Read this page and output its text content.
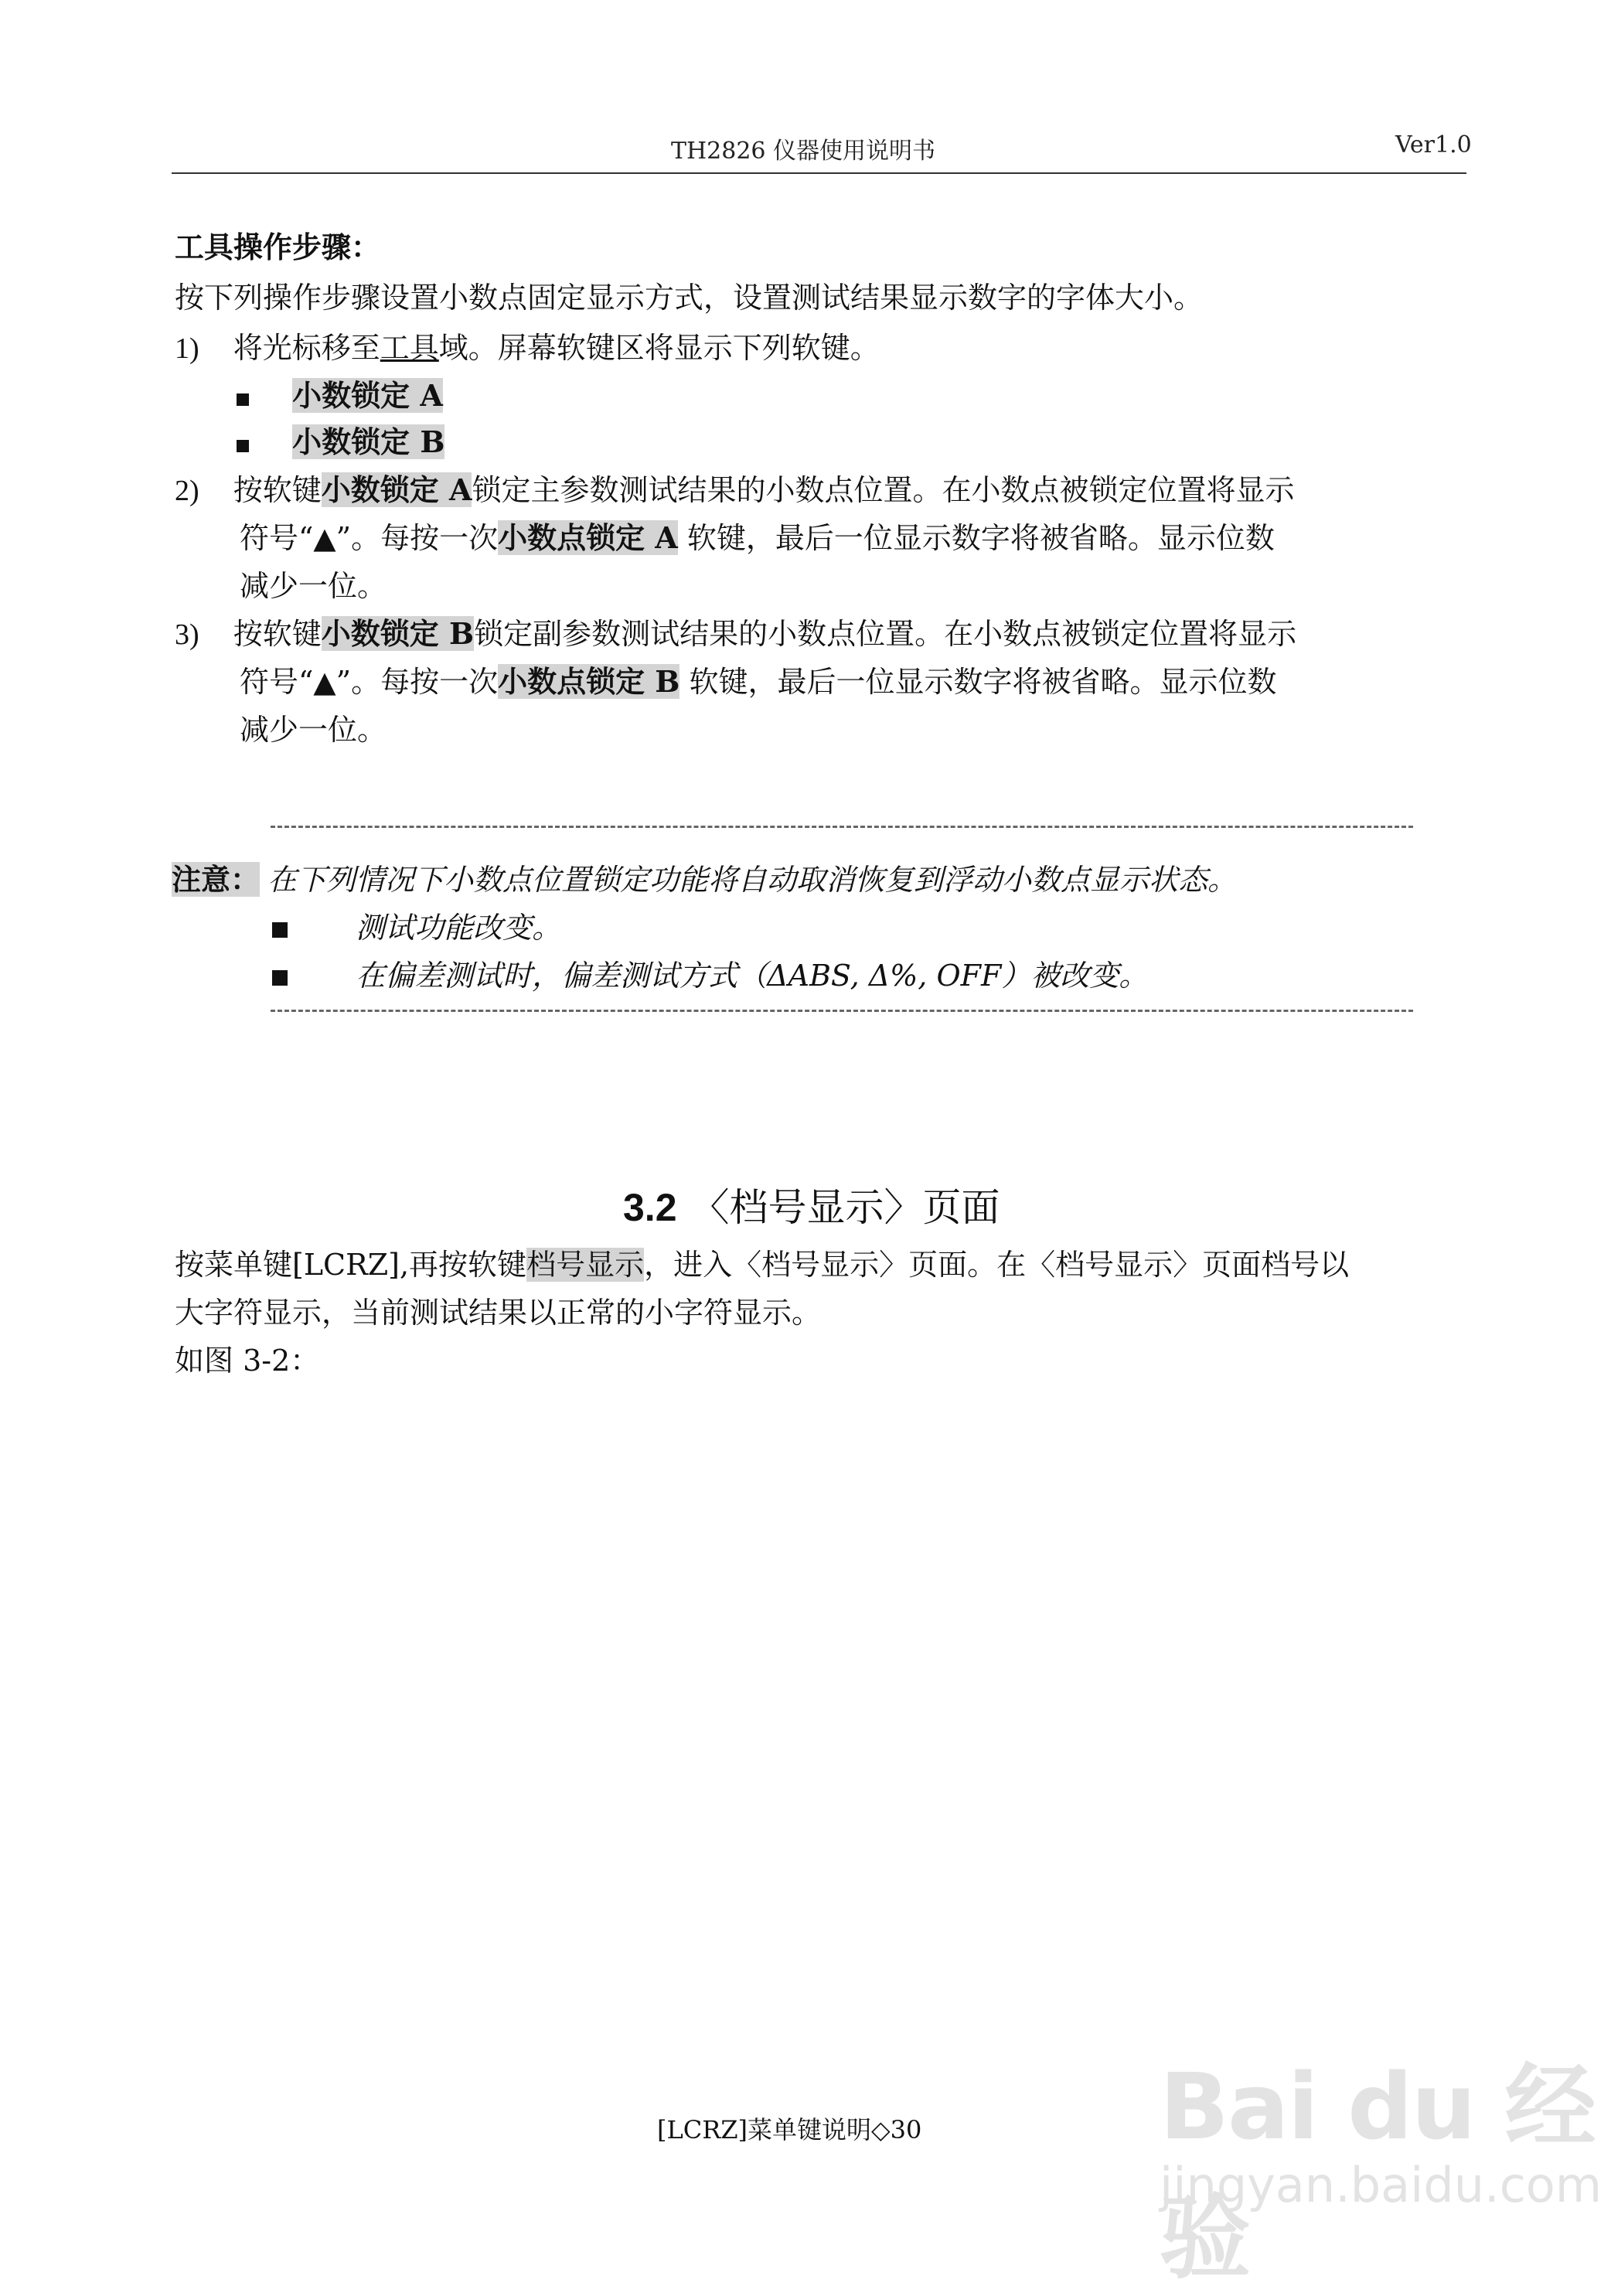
TH2826 仪器使用说明书	Ver1.0
工具操作步骤：
按下列操作步骤设置小数点固定显示方式，设置测试结果显示数字的字体大小。
1) 将光标移至工具域。屏幕软键区将显示下列软键。
小数锁定 A
小数锁定 B
2) 按软键小数锁定 A锁定主参数测试结果的小数点位置。在小数点被锁定位置将显示
符号“▲”。每按一次小数点锁定 A 软键，最后一位显示数字将被省略。显示位数
减少一位。
3) 按软键小数锁定 B锁定副参数测试结果的小数点位置。在小数点被锁定位置将显示
符号“▲”。每按一次小数点锁定 B 软键，最后一位显示数字将被省略。显示位数
减少一位。
注意： 在下列情况下小数点位置锁定功能将自动取消恢复到浮动小数点显示状态。
测试功能改变。
在偏差测试时，偏差测试方式（ΔABS, Δ%, OFF）被改变。
3.2 〈档号显示〉页面
按菜单键[LCRZ],再按软键档号显示，进入〈档号显示〉页面。在〈档号显示〉页面档号以
大字符显示，当前测试结果以正常的小字符显示。
如图 3-2：
[LCRZ]菜单键说明◇30	Bai du 经验
jingyan.baidu.com
